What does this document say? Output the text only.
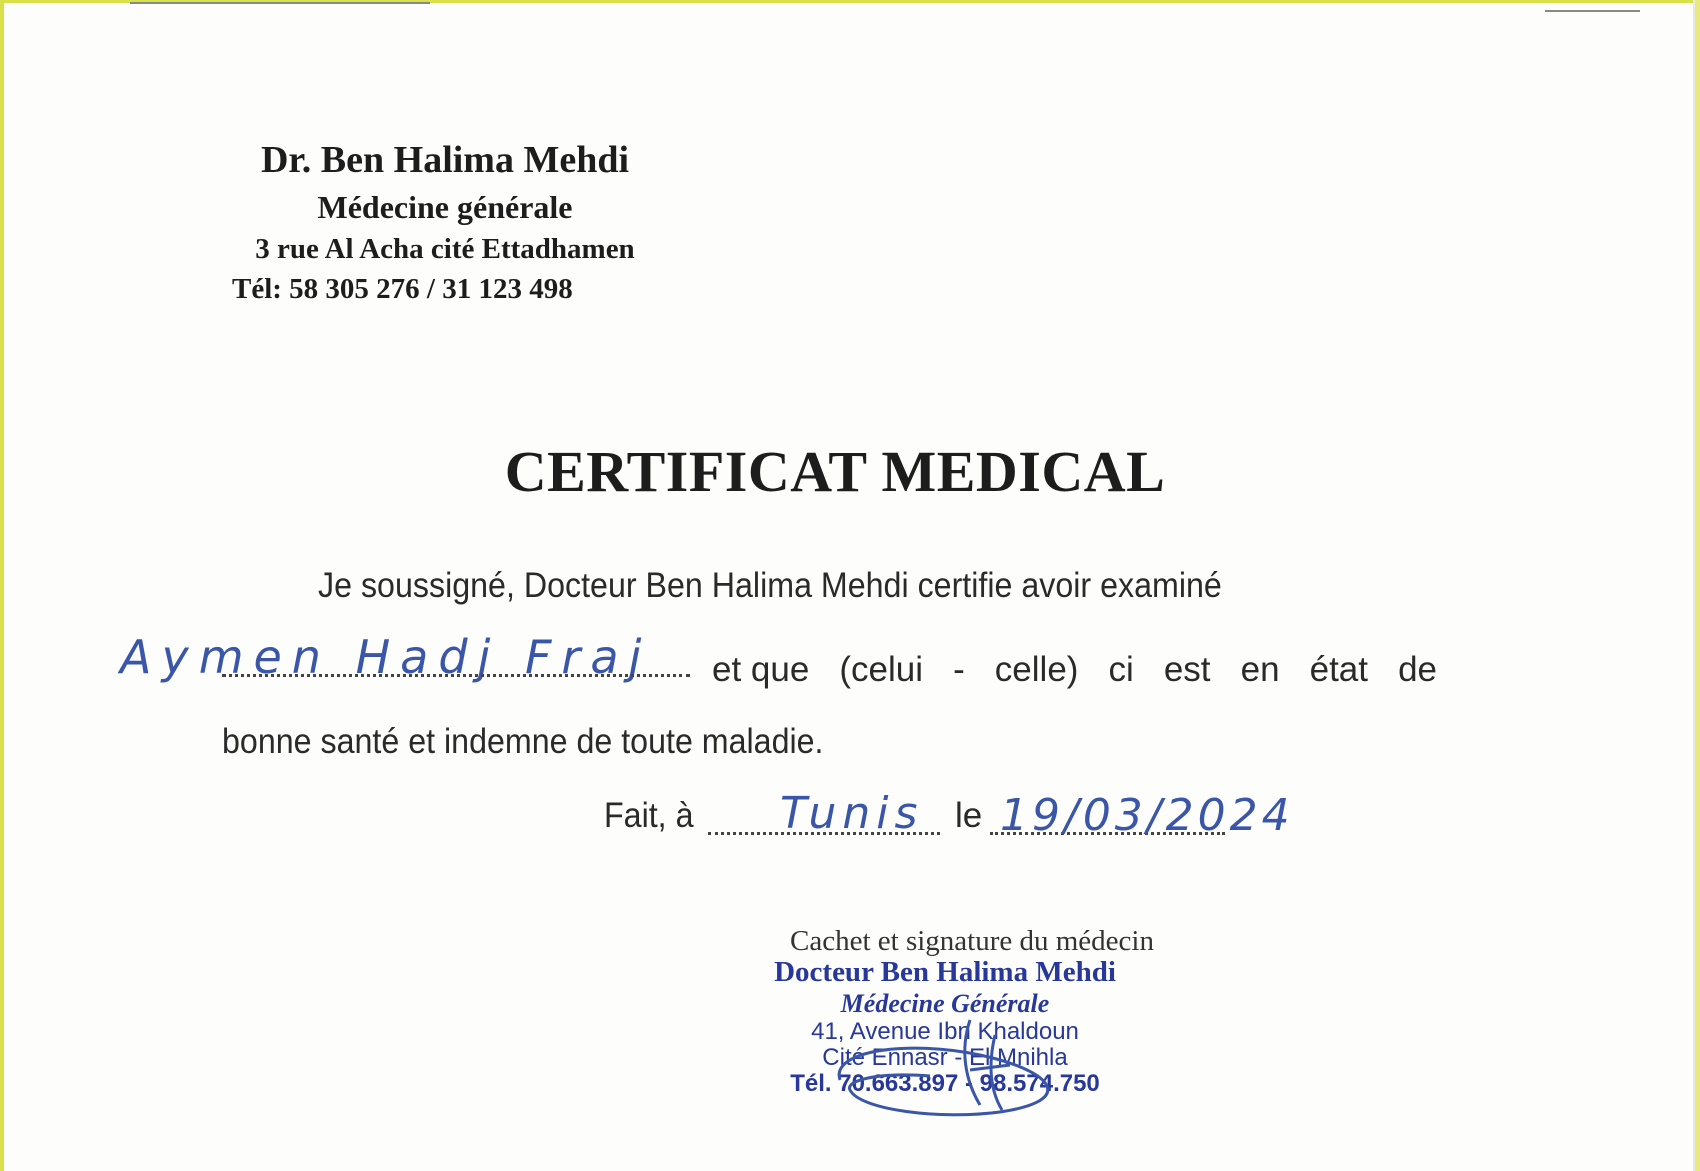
Dr. Ben Halima Mehdi
Médecine générale
3 rue Al Acha cité Ettadhamen
Tél: 58 305 276 / 31 123 498
CERTIFICAT MEDICAL
Je soussigné, Docteur Ben Halima Mehdi certifie avoir examiné
Aymen Hadj Fraj et que (celui - celle) ci est en état de
bonne santé et indemne de toute maladie.
Fait, à Tunis le 19/03/2024
Cachet et signature du médecin
Docteur Ben Halima Mehdi
Médecine Générale
41, Avenue Ibn Khaldoun
Cité Ennasr - El Mnihla
Tél. 70.663.897 - 98.574.750
